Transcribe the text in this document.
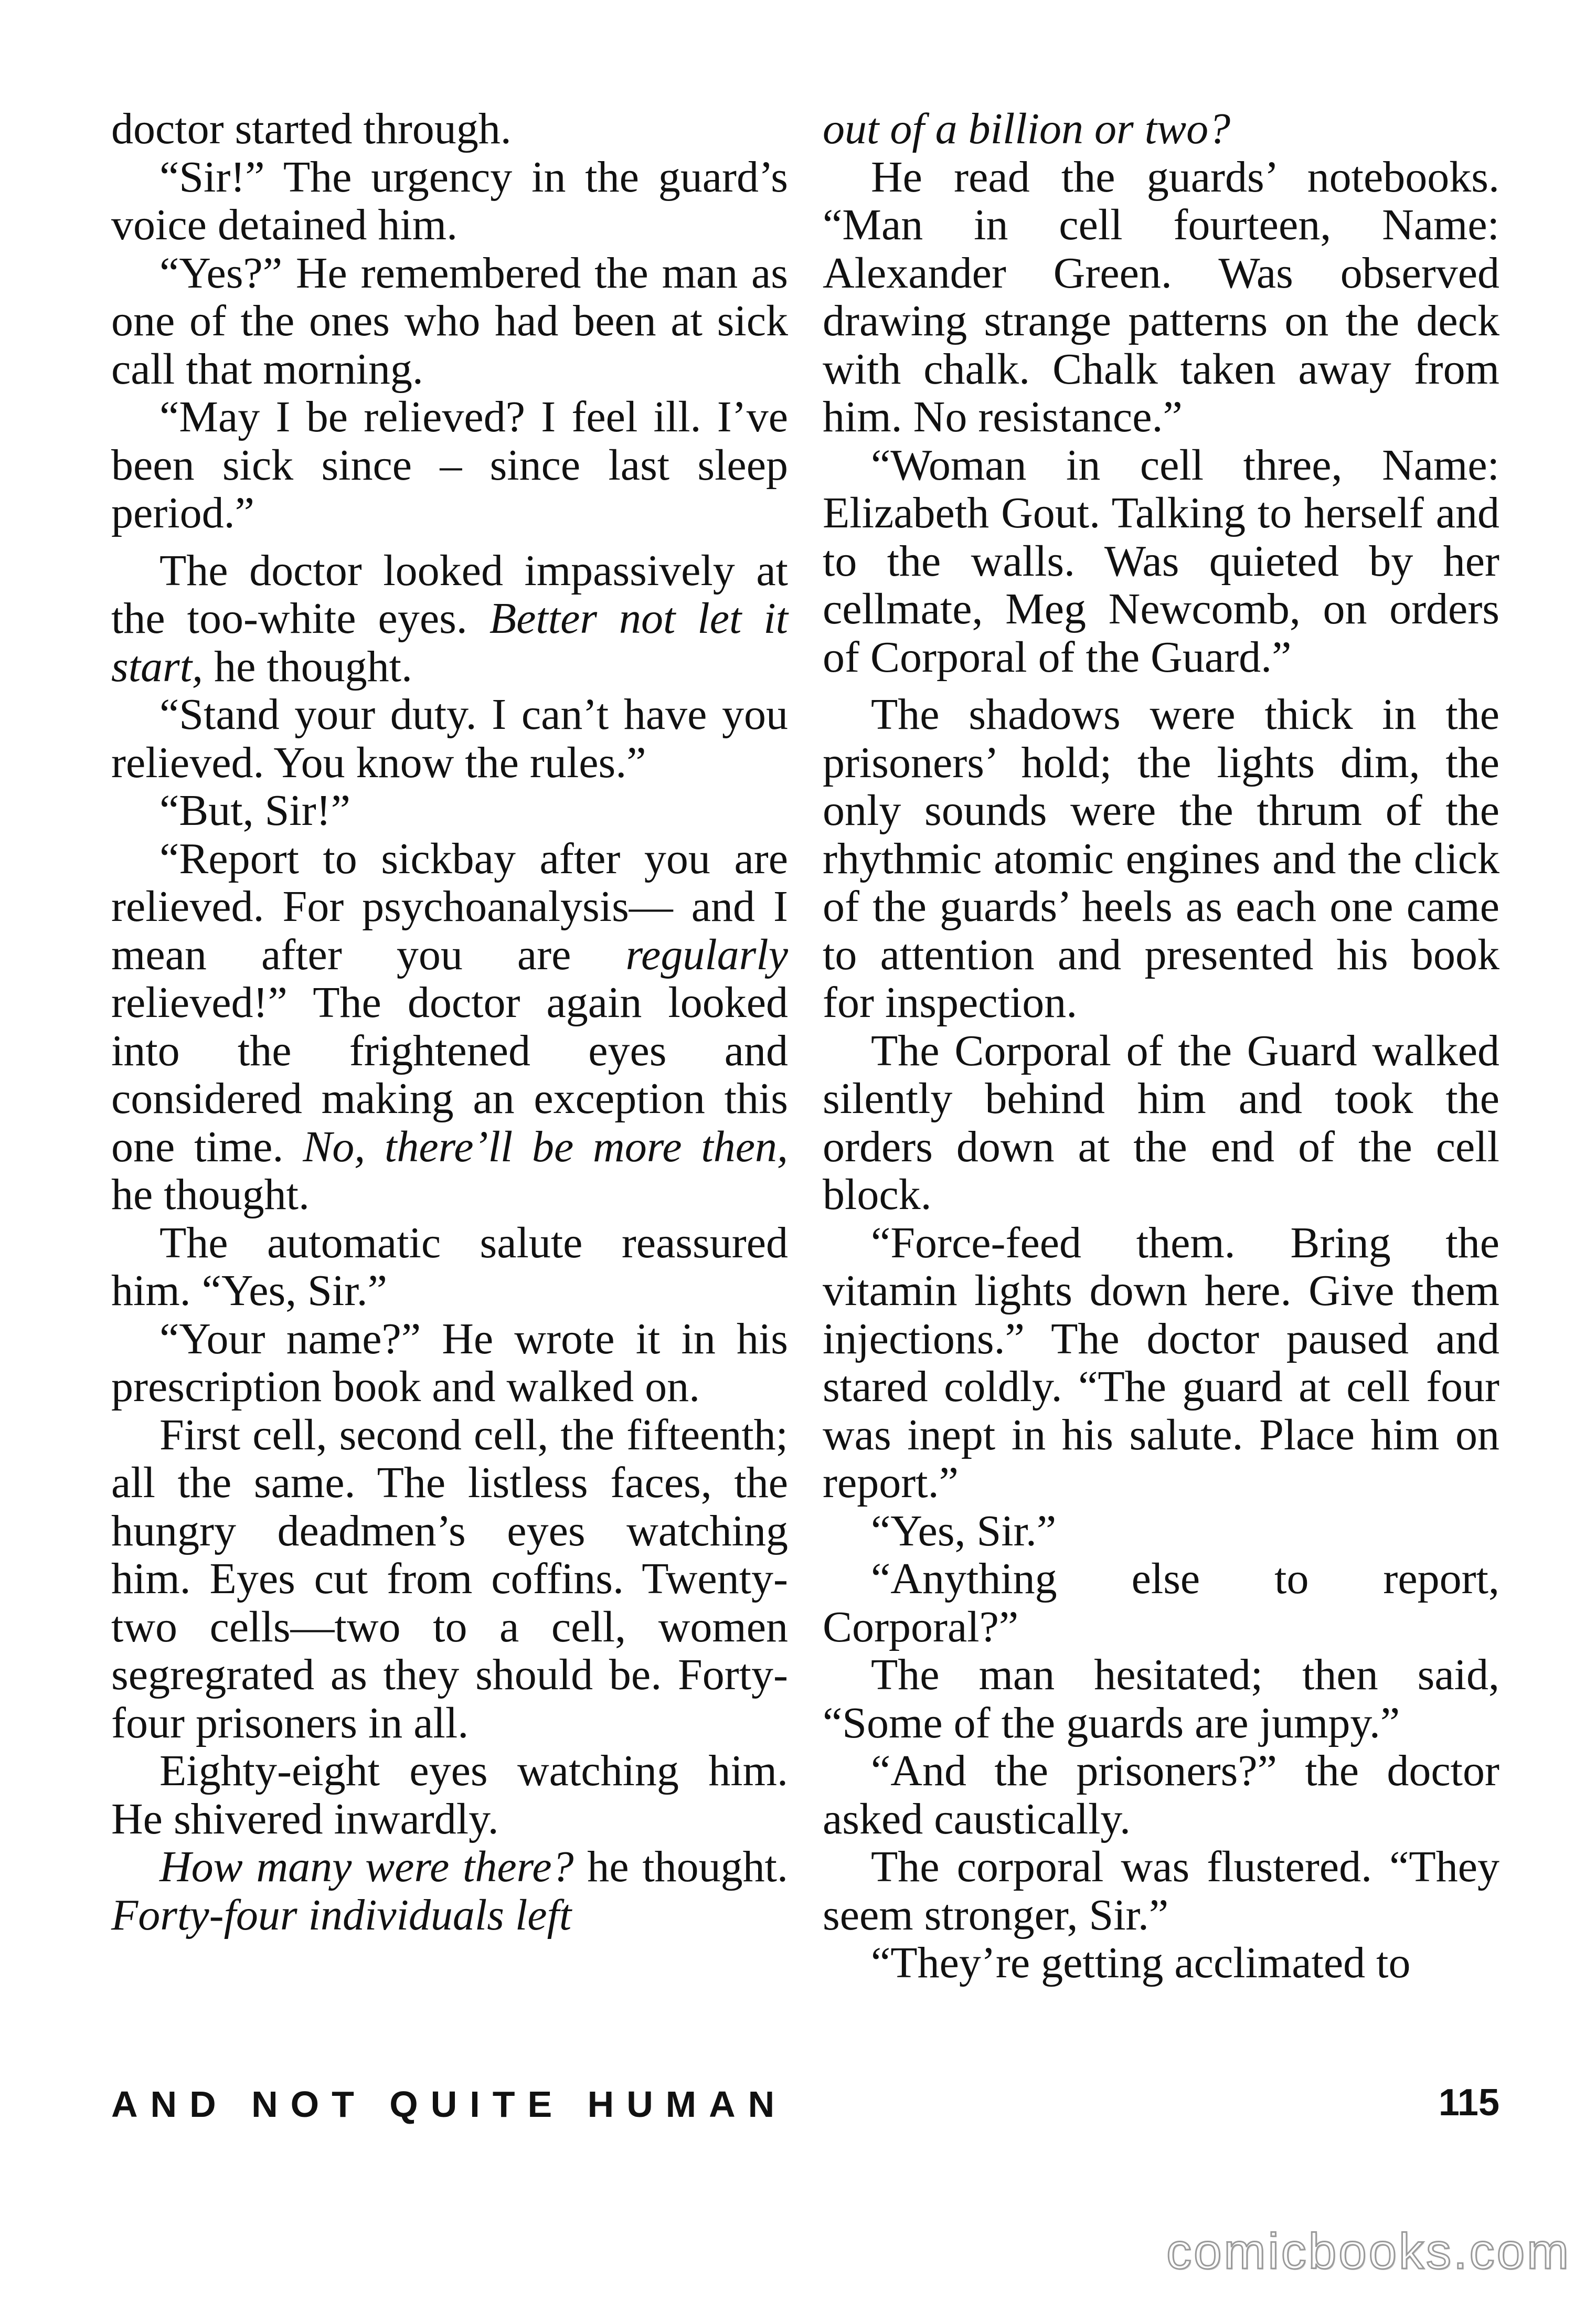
doctor started through.

“Sir!” The urgency in the guard’s voice detained him.

“Yes?” He remembered the man as one of the ones who had been at sick call that morning.

“May I be relieved? I feel ill. I’ve been sick since – since last sleep period.”

The doctor looked impassively at the too-white eyes. Better not let it start, he thought.

“Stand your duty. I can’t have you relieved. You know the rules.”

“But, Sir!”

“Report to sickbay after you are relieved. For psychoanalysis— and I mean after you are regularly relieved!” The doctor again looked into the frightened eyes and considered making an exception this one time. No, there’ll be more then, he thought.

The automatic salute reassured him. “Yes, Sir.”

“Your name?” He wrote it in his prescription book and walked on.

First cell, second cell, the fifteenth; all the same. The listless faces, the hungry deadmen’s eyes watching him. Eyes cut from coffins. Twenty-two cells—two to a cell, women segregrated as they should be. Forty-four prisoners in all.

Eighty-eight eyes watching him. He shivered inwardly.

How many were there? he thought. Forty-four individuals left

out of a billion or two?

He read the guards’ notebooks. “Man in cell fourteen, Name: Alexander Green. Was observed drawing strange patterns on the deck with chalk. Chalk taken away from him. No resistance.”

“Woman in cell three, Name: Elizabeth Gout. Talking to herself and to the walls. Was quieted by her cellmate, Meg Newcomb, on orders of Corporal of the Guard.”

The shadows were thick in the prisoners’ hold; the lights dim, the only sounds were the thrum of the rhythmic atomic engines and the click of the guards’ heels as each one came to attention and presented his book for inspection.

The Corporal of the Guard walked silently behind him and took the orders down at the end of the cell block.

“Force-feed them. Bring the vitamin lights down here. Give them injections.” The doctor paused and stared coldly. “The guard at cell four was inept in his salute. Place him on report.”

“Yes, Sir.”

“Anything else to report, Corporal?”

The man hesitated; then said, “Some of the guards are jumpy.”

“And the prisoners?” the doctor asked caustically.

The corporal was flustered. “They seem stronger, Sir.”

“They’re getting acclimated to

AND NOT QUITE HUMAN	115
comicbooks.com
